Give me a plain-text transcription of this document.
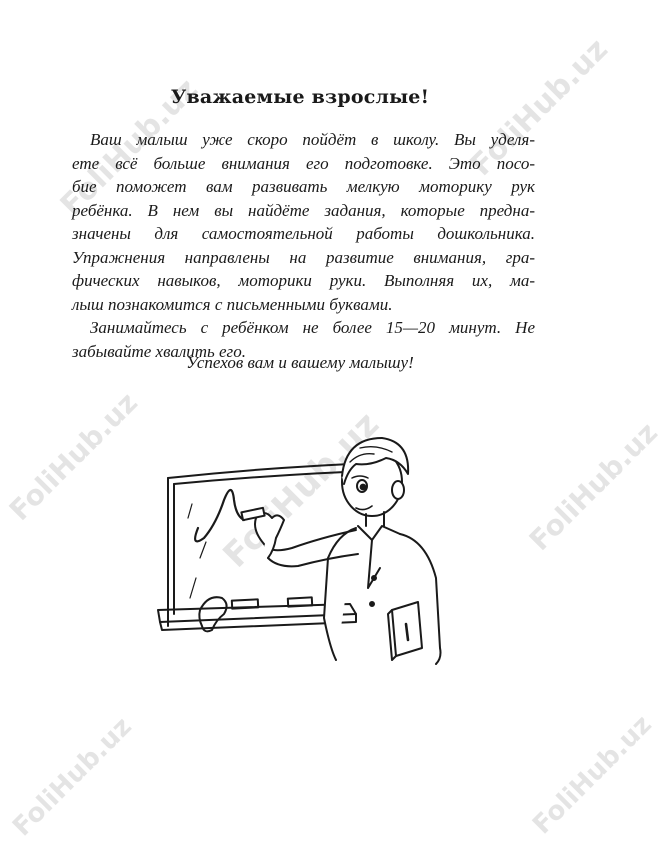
FoliHub.uz	FoliHub.uz
FoliHub.uz
FoliHub.uz	FoliHub.uz
FoliHub.uz
FoliHub.uz
Уважаемые взрослые!
Ваш малыш уже скоро пойдёт в школу. Вы уделя-
ете всё больше внимания его подготовке. Это посо-
бие поможет вам развивать мелкую моторику рук
ребёнка. В нем вы найдёте задания, которые предна-
значены для самостоятельной работы дошкольника.
Упражнения направлены на развитие внимания, гра-
фических навыков, моторики руки. Выполняя их, ма-
лыш познакомится с письменными буквами.
Занимайтесь с ребёнком не более 15—20 минут. Не
забывайте хвалить его.
Успехов вам и вашему малышу!
